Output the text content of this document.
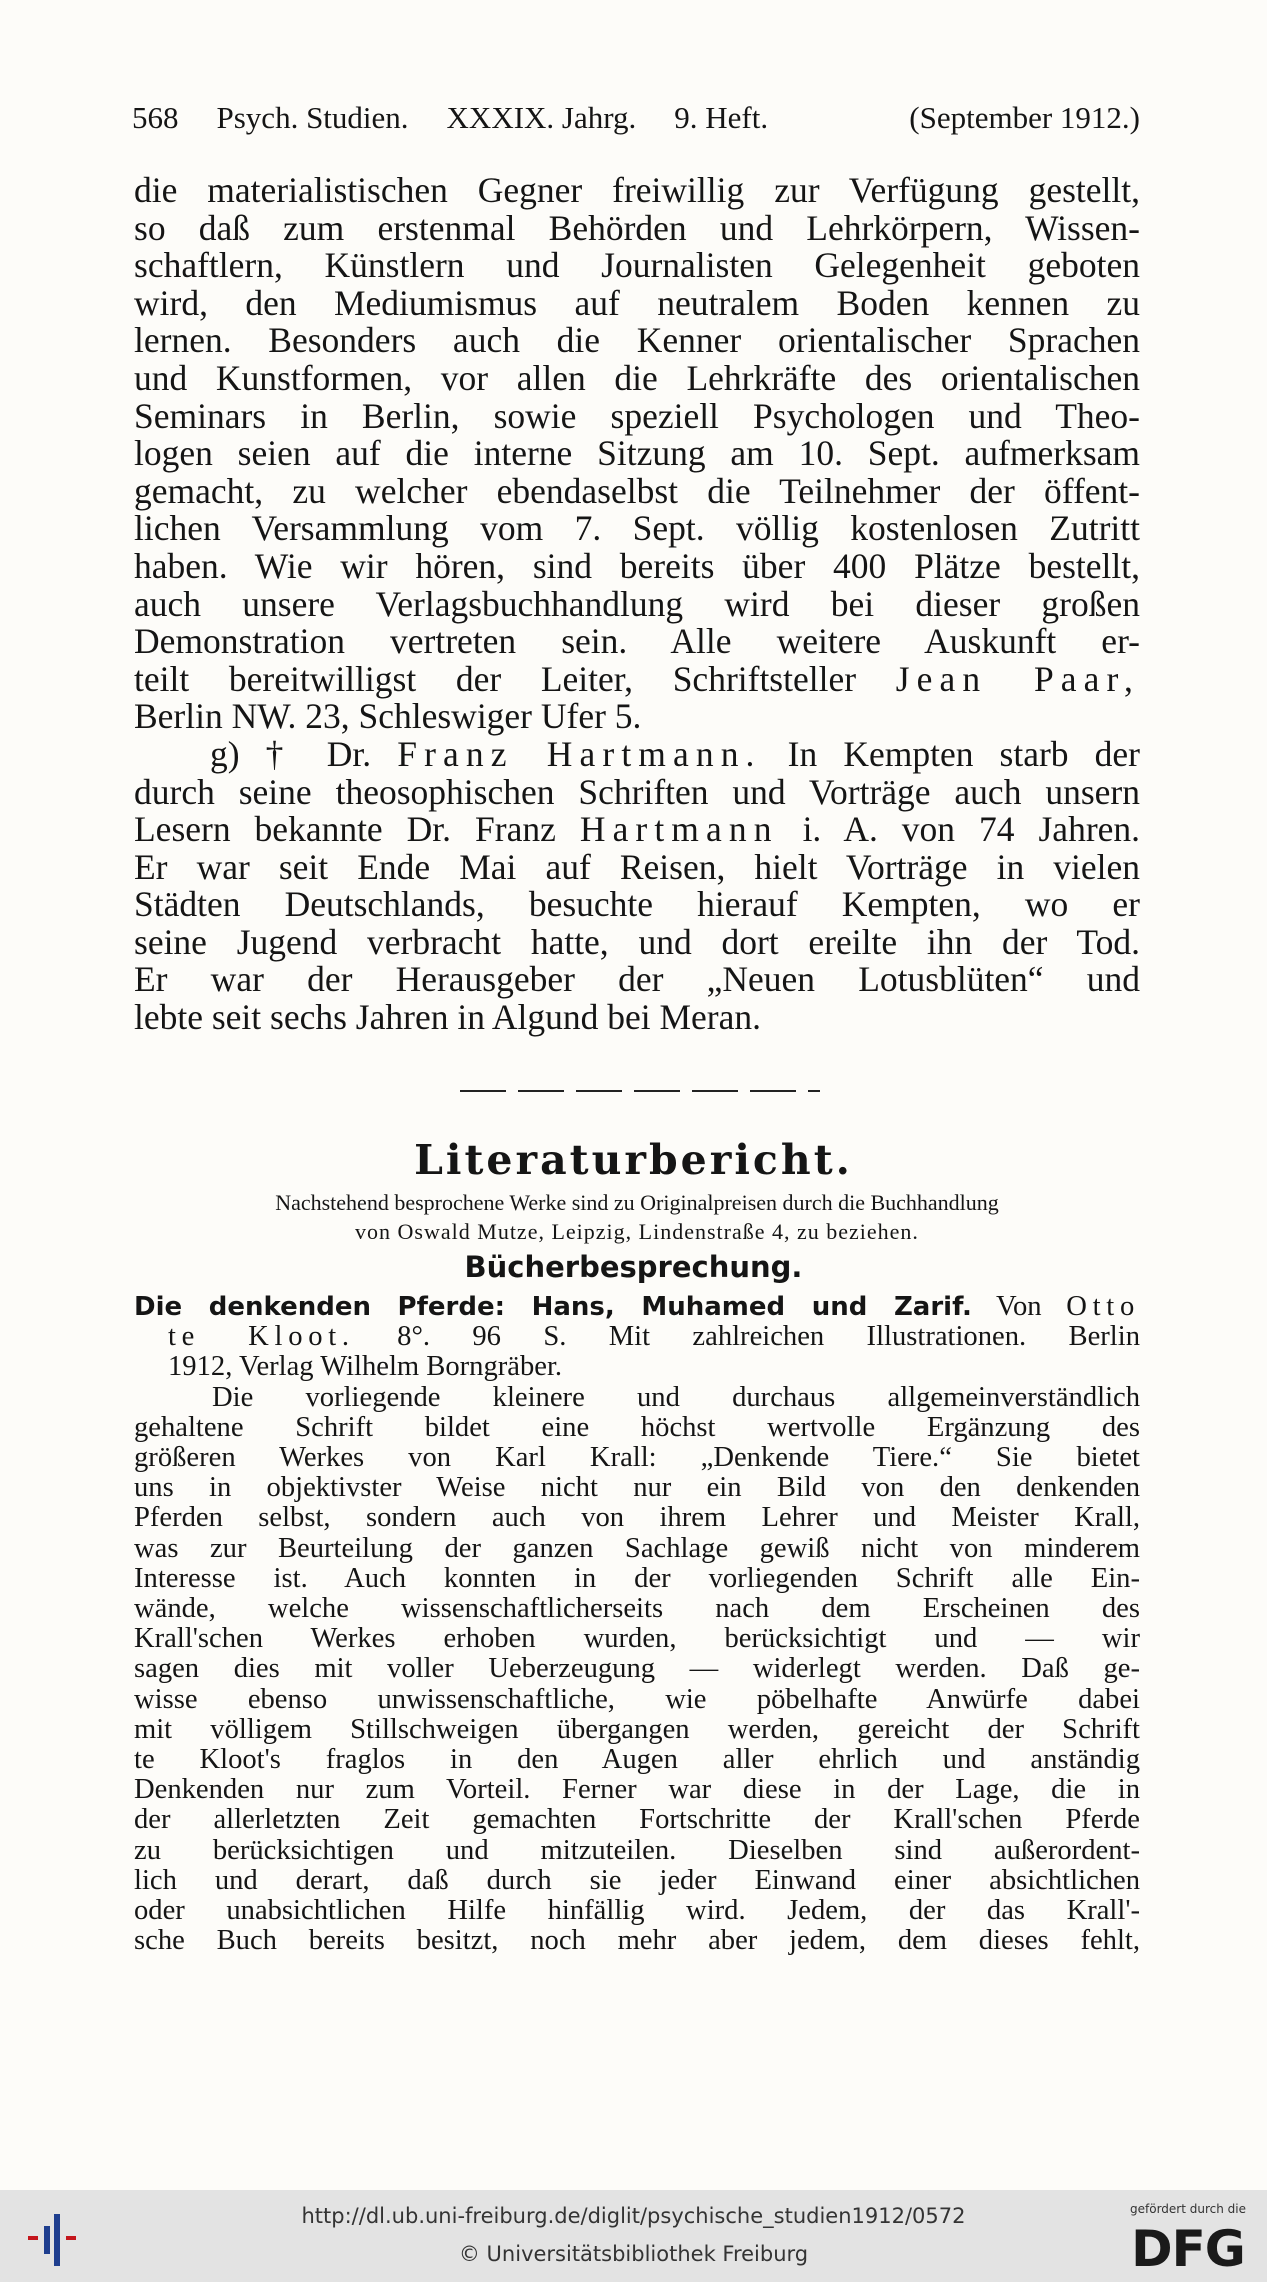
568 Psych. Studien. XXXIX. Jahrg. 9. Heft.	(September 1912.)
die materialistischen Gegner freiwillig zur Verfügung gestellt,
so daß zum erstenmal Behörden und Lehrkörpern, Wissen-
schaftlern, Künstlern und Journalisten Gelegenheit geboten
wird, den Mediumismus auf neutralem Boden kennen zu
lernen. Besonders auch die Kenner orientalischer Sprachen
und Kunstformen, vor allen die Lehrkräfte des orientalischen
Seminars in Berlin, sowie speziell Psychologen und Theo-
logen seien auf die interne Sitzung am 10. Sept. aufmerksam
gemacht, zu welcher ebendaselbst die Teilnehmer der öffent-
lichen Versammlung vom 7. Sept. völlig kostenlosen Zutritt
haben. Wie wir hören, sind bereits über 400 Plätze bestellt,
auch unsere Verlagsbuchhandlung wird bei dieser großen
Demonstration vertreten sein. Alle weitere Auskunft er-
teilt bereitwilligst der Leiter, Schriftsteller Jean Paar,
Berlin NW. 23, Schleswiger Ufer 5.
g) † Dr. Franz Hartmann. In Kempten starb der
durch seine theosophischen Schriften und Vorträge auch unsern
Lesern bekannte Dr. Franz Hartmann i. A. von 74 Jahren.
Er war seit Ende Mai auf Reisen, hielt Vorträge in vielen
Städten Deutschlands, besuchte hierauf Kempten, wo er
seine Jugend verbracht hatte, und dort ereilte ihn der Tod.
Er war der Herausgeber der „Neuen Lotusblüten“ und
lebte seit sechs Jahren in Algund bei Meran.
Literaturbericht.
Nachstehend besprochene Werke sind zu Originalpreisen durch die Buchhandlung
von Oswald Mutze, Leipzig, Lindenstraße 4, zu beziehen.
Bücherbesprechung.
Die denkenden Pferde: Hans, Muhamed und Zarif. Von Otto
te Kloot. 8°. 96 S. Mit zahlreichen Illustrationen. Berlin
1912, Verlag Wilhelm Borngräber.
Die vorliegende kleinere und durchaus allgemeinverständlich
gehaltene Schrift bildet eine höchst wertvolle Ergänzung des
größeren Werkes von Karl Krall: „Denkende Tiere.“ Sie bietet
uns in objektivster Weise nicht nur ein Bild von den denkenden
Pferden selbst, sondern auch von ihrem Lehrer und Meister Krall,
was zur Beurteilung der ganzen Sachlage gewiß nicht von minderem
Interesse ist. Auch konnten in der vorliegenden Schrift alle Ein-
wände, welche wissenschaftlicherseits nach dem Erscheinen des
Krall'schen Werkes erhoben wurden, berücksichtigt und — wir
sagen dies mit voller Ueberzeugung — widerlegt werden. Daß ge-
wisse ebenso unwissenschaftliche, wie pöbelhafte Anwürfe dabei
mit völligem Stillschweigen übergangen werden, gereicht der Schrift
te Kloot's fraglos in den Augen aller ehrlich und anständig
Denkenden nur zum Vorteil. Ferner war diese in der Lage, die in
der allerletzten Zeit gemachten Fortschritte der Krall'schen Pferde
zu berücksichtigen und mitzuteilen. Dieselben sind außerordent-
lich und derart, daß durch sie jeder Einwand einer absichtlichen
oder unabsichtlichen Hilfe hinfällig wird. Jedem, der das Krall'-
sche Buch bereits besitzt, noch mehr aber jedem, dem dieses fehlt,
http://dl.ub.uni-freiburg.de/diglit/psychische_studien1912/0572
© Universitätsbibliothek Freiburg
gefördert durch die
DFG
